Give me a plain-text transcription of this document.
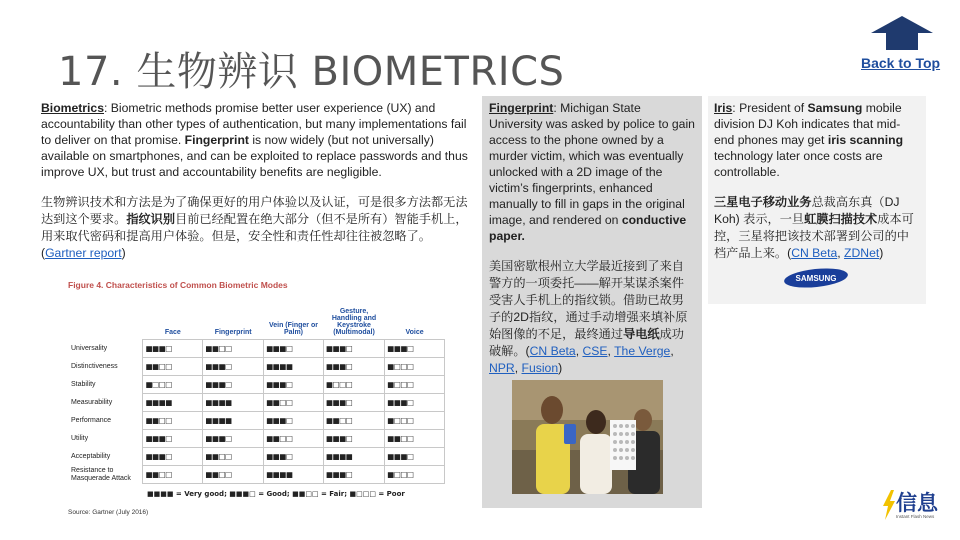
17. 生物辨识 BIOMETRICS	Back to Top

Biometrics: Biometric methods promise better user experience (UX) and accountability than other types of authentication, but many implementations fail to deliver on that promise. Fingerprint is now widely (but not universally) available on smartphones, and can be exploited to replace passwords and thus improve UX, but trust and accountability benefits are negligible.

生物辨识技术和方法是为了确保更好的用户体验以及认证，可是很多方法都无法达到这个要求。指纹识别目前已经配置在绝大部分（但不是所有）智能手机上，用来取代密码和提高用户体验。但是，安全性和责任性却往往被忽略了。(Gartner report)

Figure 4. Characteristics of Common Biometric Modes
	Face	Fingerprint	Vein (Finger or Palm)	Gesture, Handling and Keystroke (Multimodal)	Voice
Universality	■■■□	■■□□	■■■□	■■■□	■■■□
Distinctiveness	■■□□	■■■□	■■■■	■■■□	■□□□
Stability	■□□□	■■■□	■■■□	■□□□	■□□□
Measurability	■■■■	■■■■	■■□□	■■■□	■■■□
Performance	■■□□	■■■■	■■■□	■■□□	■□□□
Utility	■■■□	■■■□	■■□□	■■■□	■■□□
Acceptability	■■■□	■■□□	■■■□	■■■■	■■■□
Resistance to Masquerade Attack	■■□□	■■□□	■■■■	■■■□	■□□□
■■■■ = Very good; ■■■□ = Good; ■■□□ = Fair; ■□□□ = Poor
Source: Gartner (July 2016)

Fingerprint: Michigan State University was asked by police to gain access to the phone owned by a murder victim, which was eventually unlocked with a 2D image of the victim’s fingerprints, enhanced manually to fill in gaps in the original image, and rendered on conductive paper.

美国密歇根州立大学最近接到了来自警方的一项委托——解开某谋杀案件受害人手机上的指纹锁。借助已故男子的2D指纹，通过手动增强来填补原始图像的不足，最终通过导电纸成功破解。(CN Beta, CSE, The Verge, NPR, Fusion)

Iris: President of Samsung mobile division DJ Koh indicates that mid-end phones may get iris scanning technology later once costs are controllable.

三星电子移动业务总裁高东真（DJ Koh) 表示，一旦虹膜扫描技术成本可控，三星将把该技术部署到公司的中档产品上来。(CN Beta, ZDNet)

SAMSUNG
信息
Instant Flash News
